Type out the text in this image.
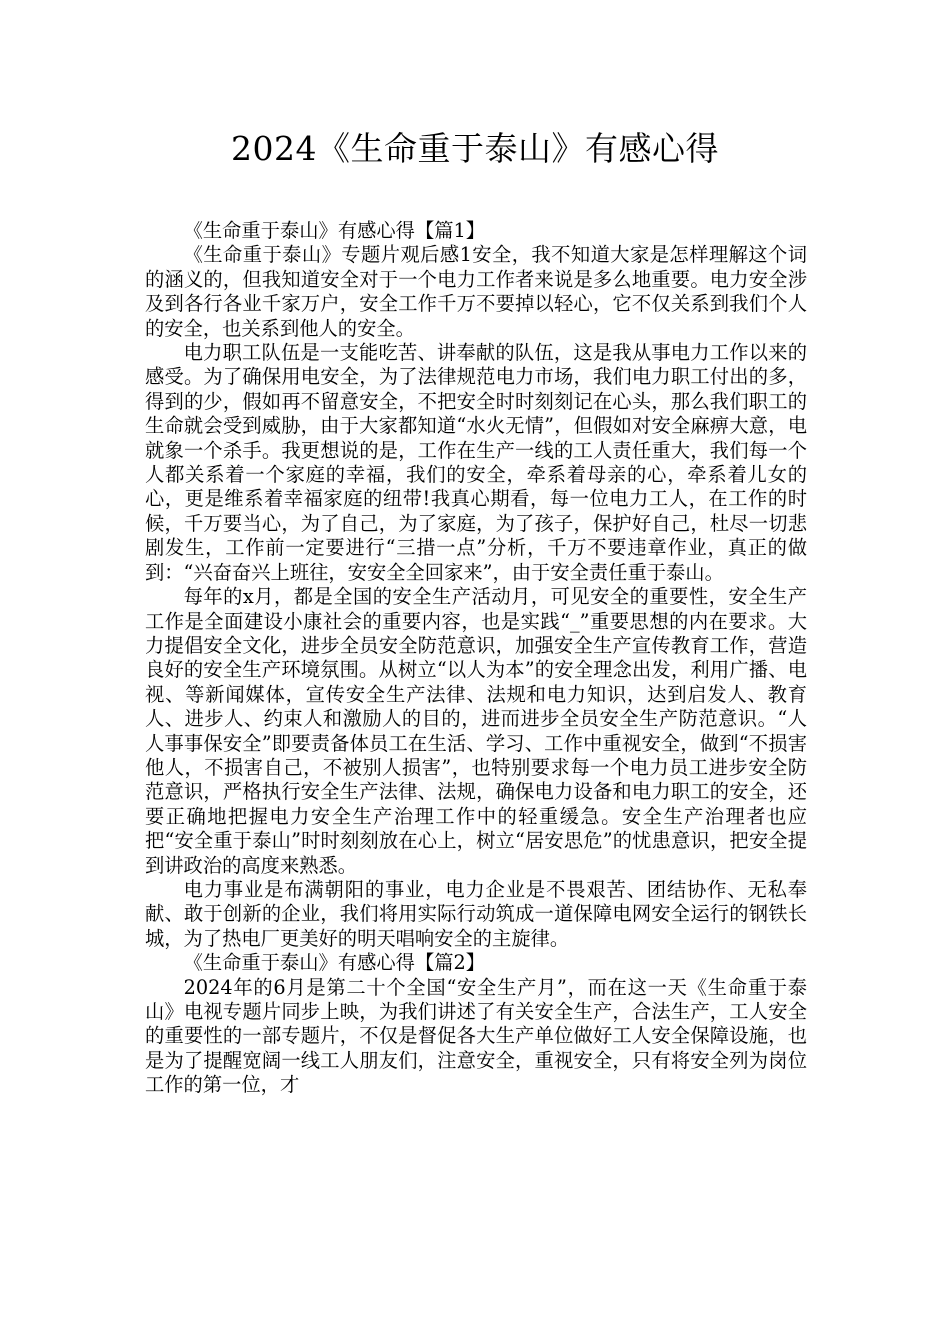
2024《生命重于泰山》有感心得

《生命重于泰山》有感心得【篇1】

《生命重于泰山》专题片观后感1安全，我不知道大家是怎样理解这个词的涵义的，但我知道安全对于一个电力工作者来说是多么地重要。电力安全涉及到各行各业千家万户，安全工作千万不要掉以轻心，它不仅关系到我们个人的安全，也关系到他人的安全。

电力职工队伍是一支能吃苦、讲奉献的队伍，这是我从事电力工作以来的感受。为了确保用电安全，为了法律规范电力市场，我们电力职工付出的多，得到的少，假如再不留意安全，不把安全时时刻刻记在心头，那么我们职工的生命就会受到威胁，由于大家都知道“水火无情”，但假如对安全麻痹大意，电就象一个杀手。我更想说的是，工作在生产一线的工人责任重大，我们每一个人都关系着一个家庭的幸福，我们的安全，牵系着母亲的心，牵系着儿女的心，更是维系着幸福家庭的纽带!我真心期看，每一位电力工人，在工作的时候，千万要当心，为了自己，为了家庭，为了孩子，保护好自己，杜尽一切悲剧发生，工作前一定要进行“三措一点”分析，千万不要违章作业，真正的做到：“兴奋奋兴上班往，安安全全回家来”，由于安全责任重于泰山。

每年的x月，都是全国的安全生产活动月，可见安全的重要性，安全生产工作是全面建设小康社会的重要内容，也是实践“_”重要思想的内在要求。大力提倡安全文化，进步全员安全防范意识，加强安全生产宣传教育工作，营造良好的安全生产环境氛围。从树立“以人为本”的安全理念出发，利用广播、电视、等新闻媒体，宣传安全生产法律、法规和电力知识，达到启发人、教育人、进步人、约束人和激励人的目的，进而进步全员安全生产防范意识。“人人事事保安全”即要责备体员工在生活、学习、工作中重视安全，做到“不损害他人，不损害自己，不被别人损害”，也特别要求每一个电力员工进步安全防范意识，严格执行安全生产法律、法规，确保电力设备和电力职工的安全，还要正确地把握电力安全生产治理工作中的轻重缓急。安全生产治理者也应把“安全重于泰山”时时刻刻放在心上，树立“居安思危”的忧患意识，把安全提到讲政治的高度来熟悉。

电力事业是布满朝阳的事业，电力企业是不畏艰苦、团结协作、无私奉献、敢于创新的企业，我们将用实际行动筑成一道保障电网安全运行的钢铁长城，为了热电厂更美好的明天唱响安全的主旋律。

《生命重于泰山》有感心得【篇2】

2024年的6月是第二十个全国“安全生产月”，而在这一天《生命重于泰山》电视专题片同步上映，为我们讲述了有关安全生产，合法生产，工人安全的重要性的一部专题片，不仅是督促各大生产单位做好工人安全保障设施，也是为了提醒宽阔一线工人朋友们，注意安全，重视安全，只有将安全列为岗位工作的第一位，才
